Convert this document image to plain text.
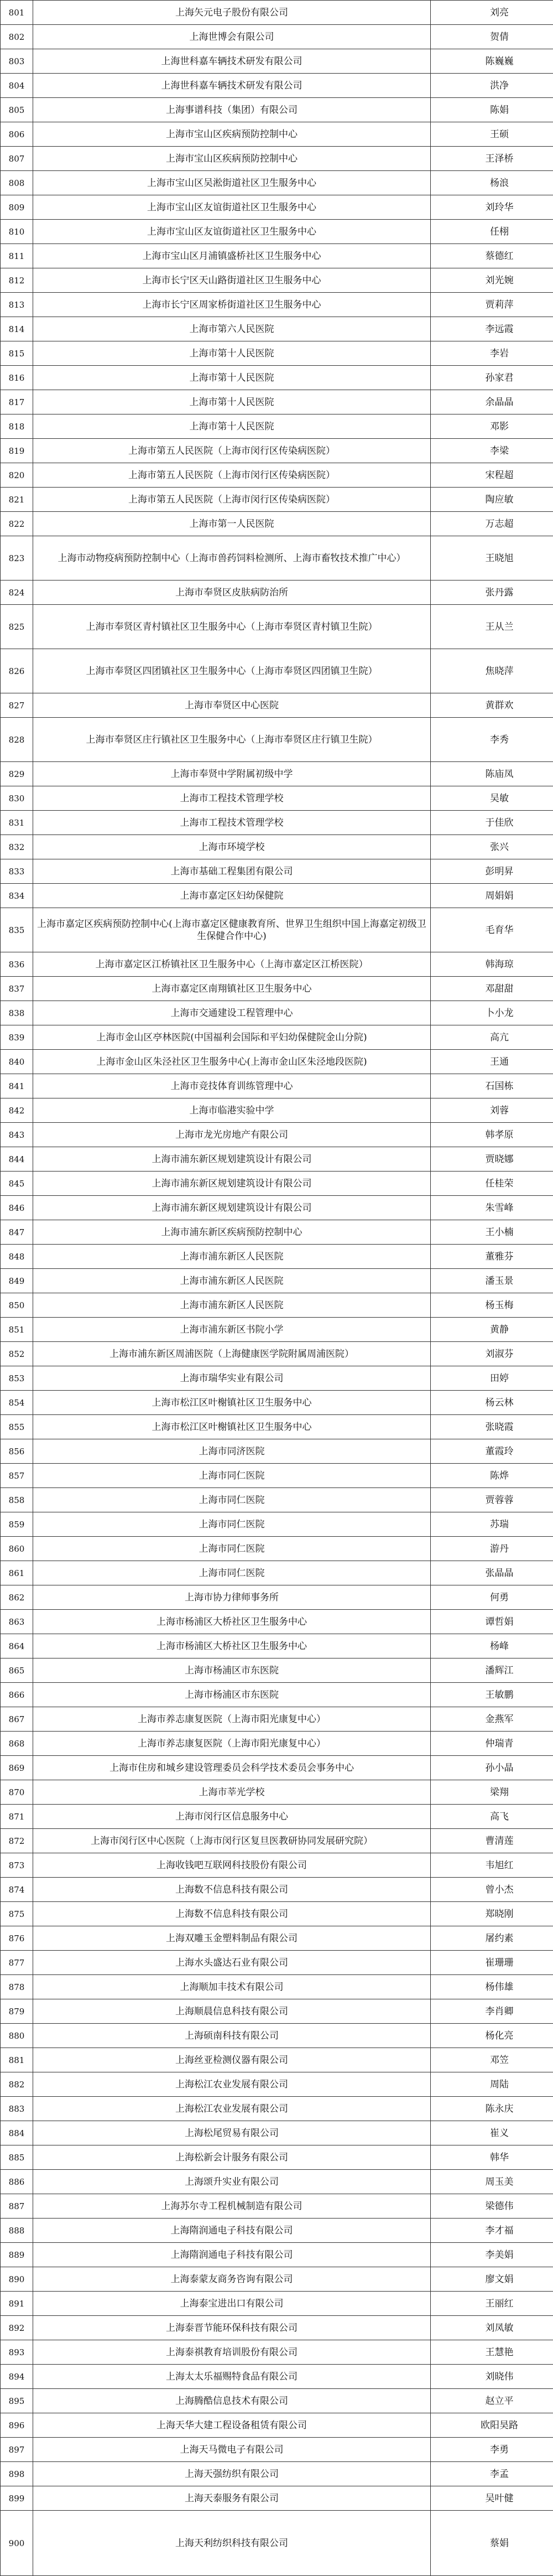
801	上海矢元电子股份有限公司	刘亮
802	上海世博会有限公司	贺倩
803	上海世科嘉车辆技术研发有限公司	陈巍巍
804	上海世科嘉车辆技术研发有限公司	洪净
805	上海事谱科技（集团）有限公司	陈娟
806	上海市宝山区疾病预防控制中心	王硕
807	上海市宝山区疾病预防控制中心	王泽桥
808	上海市宝山区吴淞街道社区卫生服务中心	杨浪
809	上海市宝山区友谊街道社区卫生服务中心	刘玲华
810	上海市宝山区友谊街道社区卫生服务中心	任栩
811	上海市宝山区月浦镇盛桥社区卫生服务中心	蔡德红
812	上海市长宁区天山路街道社区卫生服务中心	刘光婉
813	上海市长宁区周家桥街道社区卫生服务中心	贾莉萍
814	上海市第六人民医院	李远霞
815	上海市第十人民医院	李岩
816	上海市第十人民医院	孙家君
817	上海市第十人民医院	余晶晶
818	上海市第十人民医院	邓影
819	上海市第五人民医院（上海市闵行区传染病医院）	李梁
820	上海市第五人民医院（上海市闵行区传染病医院）	宋程超
821	上海市第五人民医院（上海市闵行区传染病医院）	陶应敏
822	上海市第一人民医院	万志超
823	上海市动物疫病预防控制中心（上海市兽药饲料检测所、上海市畜牧技术推广中心）	王晓旭
824	上海市奉贤区皮肤病防治所	张丹露
825	上海市奉贤区青村镇社区卫生服务中心（上海市奉贤区青村镇卫生院）	王从兰
826	上海市奉贤区四团镇社区卫生服务中心（上海市奉贤区四团镇卫生院）	焦晓萍
827	上海市奉贤区中心医院	黄群欢
828	上海市奉贤区庄行镇社区卫生服务中心（上海市奉贤区庄行镇卫生院）	李秀
829	上海市奉贤中学附属初级中学	陈庙凤
830	上海市工程技术管理学校	吴敏
831	上海市工程技术管理学校	于佳欣
832	上海市环境学校	张兴
833	上海市基础工程集团有限公司	彭明昇
834	上海市嘉定区妇幼保健院	周娟娟
835	上海市嘉定区疾病预防控制中心(上海市嘉定区健康教育所、世界卫生组织中国上海嘉定初级卫生保健合作中心)	毛育华
836	上海市嘉定区江桥镇社区卫生服务中心（上海市嘉定区江桥医院）	韩海琼
837	上海市嘉定区南翔镇社区卫生服务中心	邓甜甜
838	上海市交通建设工程管理中心	卜小龙
839	上海市金山区亭林医院(中国福利会国际和平妇幼保健院金山分院)	高亢
840	上海市金山区朱泾社区卫生服务中心(上海市金山区朱泾地段医院)	王通
841	上海市竞技体育训练管理中心	石国栋
842	上海市临港实验中学	刘蓉
843	上海市龙光房地产有限公司	韩孝原
844	上海市浦东新区规划建筑设计有限公司	贾晓娜
845	上海市浦东新区规划建筑设计有限公司	任桂荣
846	上海市浦东新区规划建筑设计有限公司	朱雪峰
847	上海市浦东新区疾病预防控制中心	王小楠
848	上海市浦东新区人民医院	董雅芬
849	上海市浦东新区人民医院	潘玉景
850	上海市浦东新区人民医院	杨玉梅
851	上海市浦东新区书院小学	黄静
852	上海市浦东新区周浦医院（上海健康医学院附属周浦医院）	刘淑芬
853	上海市瑞华实业有限公司	田婷
854	上海市松江区叶榭镇社区卫生服务中心	杨云林
855	上海市松江区叶榭镇社区卫生服务中心	张晓霞
856	上海市同济医院	董霞玲
857	上海市同仁医院	陈烨
858	上海市同仁医院	贾蓉蓉
859	上海市同仁医院	苏瑞
860	上海市同仁医院	游丹
861	上海市同仁医院	张晶晶
862	上海市协力律师事务所	何勇
863	上海市杨浦区大桥社区卫生服务中心	谭哲娟
864	上海市杨浦区大桥社区卫生服务中心	杨峰
865	上海市杨浦区市东医院	潘辉江
866	上海市杨浦区市东医院	王敏鹏
867	上海市养志康复医院（上海市阳光康复中心）	金燕军
868	上海市养志康复医院（上海市阳光康复中心）	仲瑞青
869	上海市住房和城乡建设管理委员会科学技术委员会事务中心	孙小晶
870	上海市莘光学校	梁翔
871	上海市闵行区信息服务中心	高飞
872	上海市闵行区中心医院（上海市闵行区复旦医教研协同发展研究院）	曹清莲
873	上海收钱吧互联网科技股份有限公司	韦旭红
874	上海数不信息科技有限公司	曾小杰
875	上海数不信息科技有限公司	郑晓刚
876	上海双雕玉金塑料制品有限公司	屠约素
877	上海水头盛达石业有限公司	崔珊珊
878	上海顺加丰技术有限公司	杨伟雄
879	上海顺晨信息科技有限公司	李肖卿
880	上海硕南科技有限公司	杨化亮
881	上海丝亚检测仪器有限公司	邓笠
882	上海松江农业发展有限公司	周陆
883	上海松江农业发展有限公司	陈永庆
884	上海松尾贸易有限公司	崔义
885	上海松新会计服务有限公司	韩华
886	上海颂升实业有限公司	周玉美
887	上海苏尔寺工程机械制造有限公司	梁德伟
888	上海隋润通电子科技有限公司	李才福
889	上海隋润通电子科技有限公司	李美娟
890	上海泰蒙友商务咨询有限公司	廖文娟
891	上海泰宝进出口有限公司	王丽红
892	上海泰晋节能环保科技有限公司	刘凤敏
893	上海泰祺教育培训股份有限公司	王慧艳
894	上海太太乐福赐特食品有限公司	刘晓伟
895	上海腾酷信息技术有限公司	赵立平
896	上海天华大建工程设备租赁有限公司	欧阳昊路
897	上海天马微电子有限公司	李勇
898	上海天强纺织有限公司	李孟
899	上海天泰服务有限公司	吴叶健
900	上海天利纺织科技有限公司	蔡娟
